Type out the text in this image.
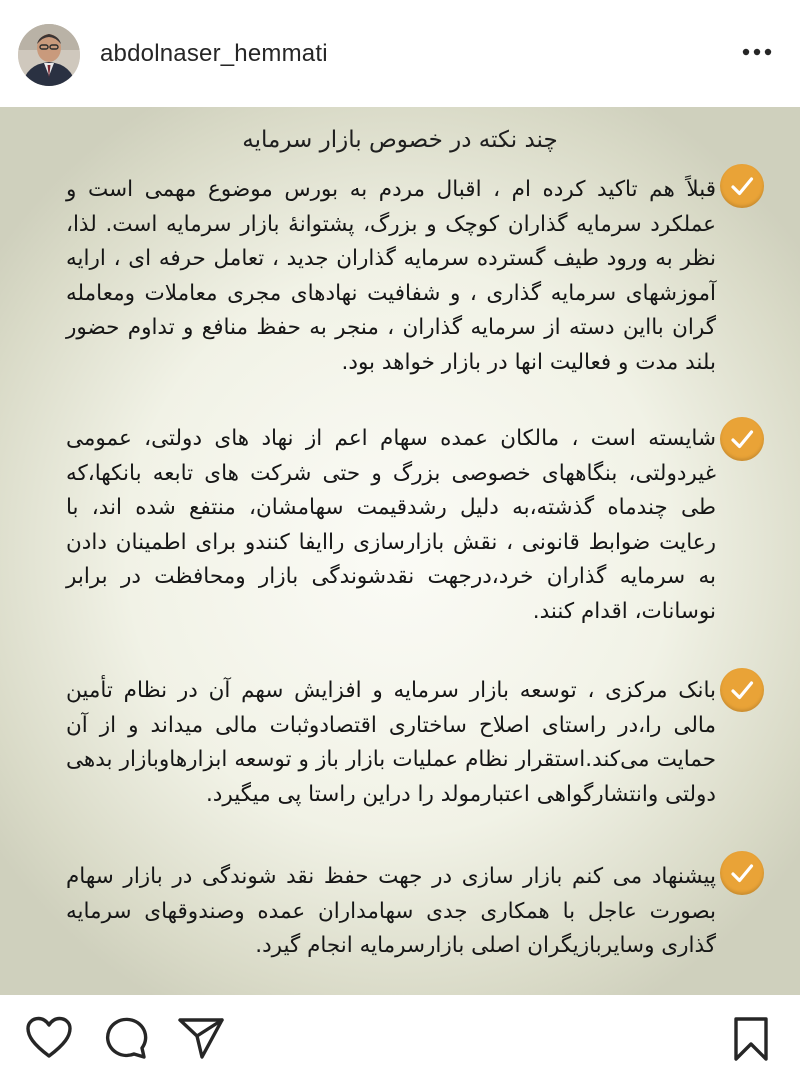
abdolnaser_hemmati
چند نکته در خصوص بازار سرمایه
قبلاً هم تاکید کرده ام ، اقبال مردم به بورس موضوع مهمی است و عملکرد سرمایه گذاران کوچک و بزرگ، پشتوانهٔ بازار سرمایه است. لذا، نظر به ورود طیف گسترده سرمایه گذاران جدید ، تعامل حرفه ای ، ارایه آموزشهای سرمایه گذاری ، و شفافیت نهادهای مجری معاملات ومعامله گران بااین دسته از سرمایه گذاران ، منجر به حفظ منافع و تداوم حضور بلند مدت و فعالیت انها در بازار خواهد بود.
شایسته است ، مالکان عمده سهام اعم از نهاد های دولتی، عمومی غیردولتی، بنگاههای خصوصی بزرگ و حتی شرکت های تابعه بانکها،که طی چندماه گذشته،به دلیل رشدقیمت سهامشان، منتفع شده اند، با رعایت ضوابط قانونی ، نقش بازارسازی راایفا کنندو برای اطمینان دادن به سرمایه گذاران خرد،درجهت نقدشوندگی بازار ومحافظت در برابر نوسانات، اقدام کنند.
بانک مرکزی ، توسعه بازار سرمایه و افزایش سهم آن در نظام تأمین مالی را،در راستای اصلاح ساختاری اقتصادوثبات مالی میداند و از آن حمایت می‌کند.استقرار نظام عملیات بازار باز و توسعه ابزارهاوبازار بدهی دولتی وانتشارگواهی اعتبارمولد را دراین راستا پی میگیرد.
پیشنهاد می کنم بازار سازی در جهت حفظ نقد شوندگی در بازار سهام بصورت عاجل با همکاری جدی سهامداران عمده وصندوقهای سرمایه گذاری وسایربازیگران اصلی بازارسرمایه انجام گیرد.
